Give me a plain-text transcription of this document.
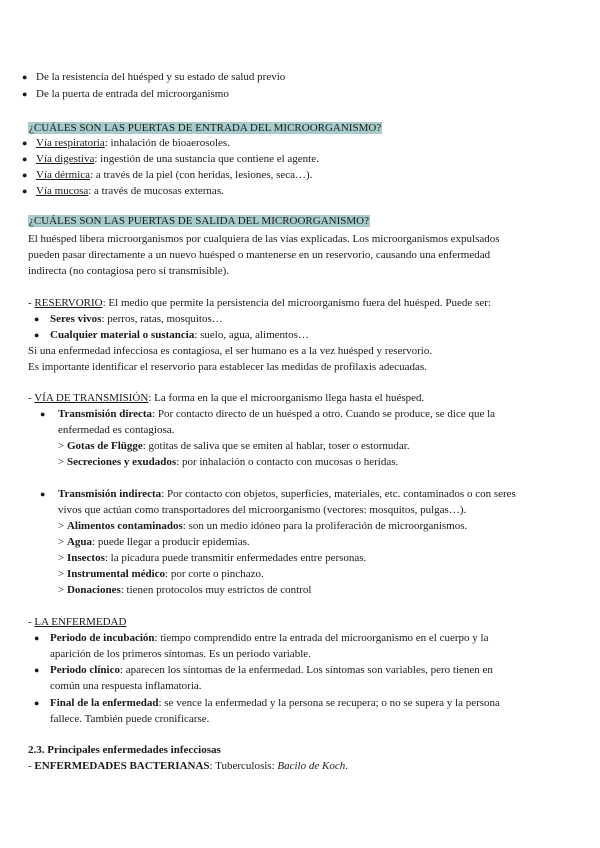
● De la resistencia del huésped y su estado de salud previo
● De la puerta de entrada del microorganismo
¿CUÁLES SON LAS PUERTAS DE ENTRADA DEL MICROORGANISMO?
● Vía respiratoria: inhalación de bioaerosoles.
● Vía digestiva: ingestión de una sustancia que contiene el agente.
● Vía dérmica: a través de la piel (con heridas, lesiones, seca…).
● Vía mucosa: a través de mucosas externas.
¿CUÁLES SON LAS PUERTAS DE SALIDA DEL MICROORGANISMO?
El huésped libera microorganismos por cualquiera de las vías explicadas. Los microorganismos expulsados
pueden pasar directamente a un nuevo huésped o mantenerse en un reservorio, causando una enfermedad
indirecta (no contagiosa pero sí transmisible).
- RESERVORIO: El medio que permite la persistencia del microorganismo fuera del huésped. Puede ser:
● Seres vivos: perros, ratas, mosquitos…
● Cualquier material o sustancia: suelo, agua, alimentos…
Si una enfermedad infecciosa es contagiosa, el ser humano es a la vez huésped y reservorio.
Es importante identificar el reservorio para establecer las medidas de profilaxis adecuadas.
- VÍA DE TRANSMISIÓN: La forma en la que el microorganismo llega hasta el huésped.
● Transmisión directa: Por contacto directo de un huésped a otro. Cuando se produce, se dice que la
enfermedad es contagiosa.
> Gotas de Flügge: gotitas de saliva que se emiten al hablar, toser o estornudar.
> Secreciones y exudados: por inhalación o contacto con mucosas o heridas.
● Transmisión indirecta: Por contacto con objetos, superficies, materiales, etc. contaminados o con seres
vivos que actúan como transportadores del microorganismo (vectores: mosquitos, pulgas…).
> Alimentos contaminados: son un medio idóneo para la proliferación de microorganismos.
> Agua: puede llegar a producir epidemias.
> Insectos: la picadura puede transmitir enfermedades entre personas.
> Instrumental médico: por corte o pinchazo.
> Donaciones: tienen protocolos muy estrictos de control
- LA ENFERMEDAD
● Periodo de incubación: tiempo comprendido entre la entrada del microorganismo en el cuerpo y la
aparición de los primeros síntomas. Es un periodo variable.
● Periodo clínico: aparecen los síntomas de la enfermedad. Los síntomas son variables, pero tienen en
común una respuesta inflamatoria.
● Final de la enfermedad: se vence la enfermedad y la persona se recupera; o no se supera y la persona
fallece. También puede cronificarse.
2.3. Principales enfermedades infecciosas
- ENFERMEDADES BACTERIANAS: Tuberculosis: Bacilo de Koch.
